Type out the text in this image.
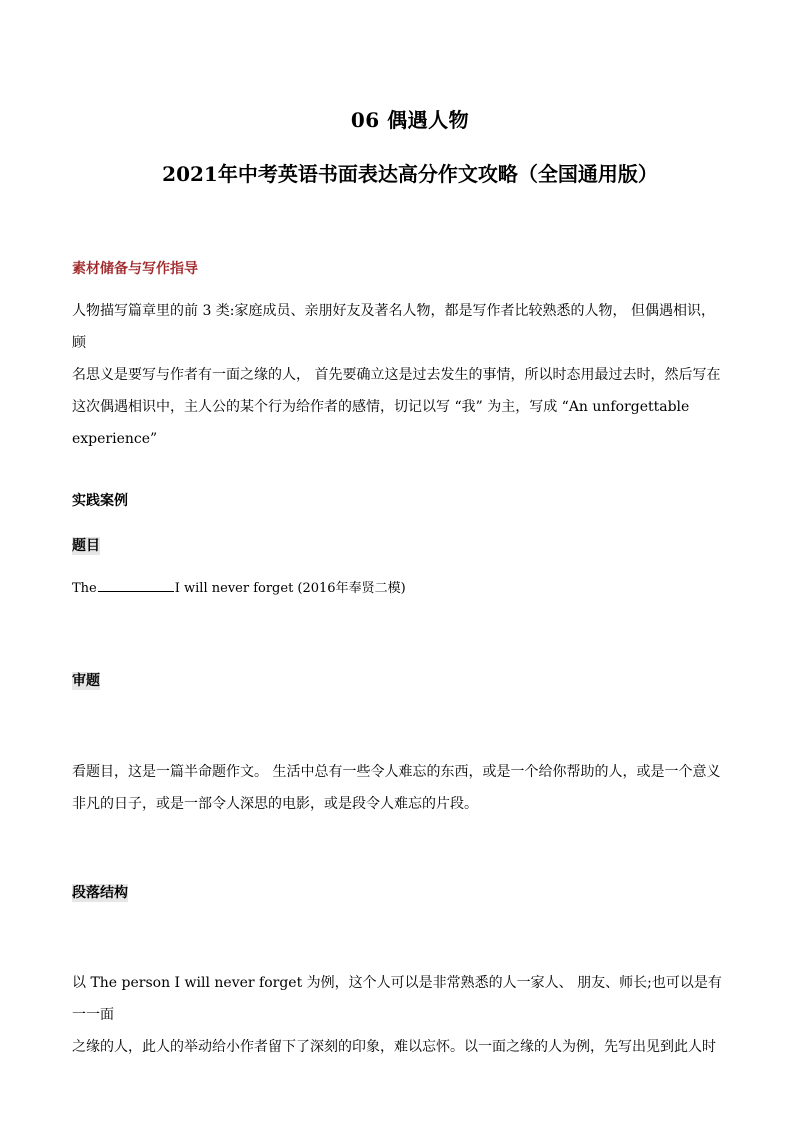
06 偶遇人物
2021年中考英语书面表达高分作文攻略（全国通用版）
素材储备与写作指导
人物描写篇章里的前 3 类:家庭成员、亲朋好友及著名人物，都是写作者比较熟悉的人物， 但偶遇相识，顾
名思义是要写与作者有一面之缘的人， 首先要确立这是过去发生的事情，所以时态用最过去时，然后写在
这次偶遇相识中，主人公的某个行为给作者的感情，切记以写 “我” 为主，写成 “An unforgettable
experience”
实践案例
题目
The	I will never forget (2016年奉贤二模)
审题
看题目，这是一篇半命题作文。 生活中总有一些令人难忘的东西，或是一个给你帮助的人，或是一个意义
非凡的日子，或是一部令人深思的电影，或是段令人难忘的片段。
段落结构
以 The person I will never forget 为例，这个人可以是非常熟悉的人一家人、 朋友、师长;也可以是有一一面
之缘的人，此人的举动给小作者留下了深刻的印象，难以忘怀。以一面之缘的人为例，先写出见到此人时
